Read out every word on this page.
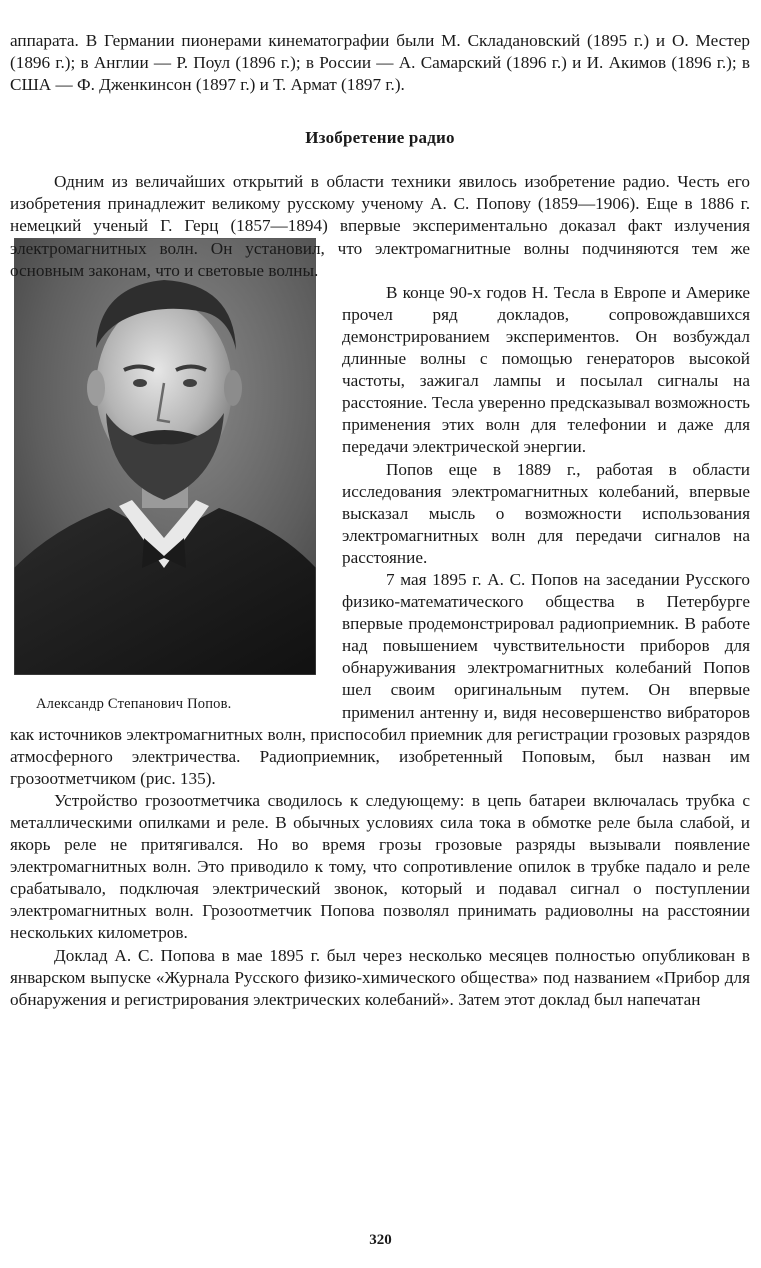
аппарата. В Германии пионерами кинематографии были М. Складановский (1895 г.) и О. Местер (1896 г.); в Англии — Р. Поул (1896 г.); в России — А. Самарский (1896 г.) и И. Акимов (1896 г.); в США — Ф. Дженкинсон (1897 г.) и Т. Армат (1897 г.).

Изобретение радио

Одним из величайших открытий в области техники явилось изобретение радио. Честь его изобретения принадлежит великому русскому ученому А. С. Попову (1859—1906). Еще в 1886 г. немецкий ученый Г. Герц (1857—1894) впервые экспериментально доказал факт излучения электромагнитных волн. Он установил, что электромагнитные волны подчиняются тем же основным законам, что и световые волны.

Александр Степанович Попов.

В конце 90-х годов Н. Тесла в Европе и Америке прочел ряд докладов, сопровождавшихся демонстрированием экспериментов. Он возбуждал длинные волны с помощью генераторов высокой частоты, зажигал лампы и посылал сигналы на расстояние. Тесла уверенно предсказывал возможность применения этих волн для телефонии и даже для передачи электрической энергии.

Попов еще в 1889 г., работая в области исследования электромагнитных колебаний, впервые высказал мысль о возможности использования электромагнитных волн для передачи сигналов на расстояние.

7 мая 1895 г. А. С. Попов на заседании Русского физико-математического общества в Петербурге впервые продемонстрировал радиоприемник. В работе над повышением чувствительности приборов для обнаруживания электромагнитных колебаний Попов шел своим оригинальным путем. Он впервые применил антенну и, видя несовершенство вибраторов как источников электромагнитных волн, приспособил приемник для регистрации грозовых разрядов атмосферного электричества. Радиоприемник, изобретенный Поповым, был назван им грозоотметчиком (рис. 135).

Устройство грозоотметчика сводилось к следующему: в цепь батареи включалась трубка с металлическими опилками и реле. В обычных условиях сила тока в обмотке реле была слабой, и якорь реле не притягивался. Но во время грозы грозовые разряды вызывали появление электромагнитных волн. Это приводило к тому, что сопротивление опилок в трубке падало и реле срабатывало, подключая электрический звонок, который и подавал сигнал о поступлении электромагнитных волн. Грозоотметчик Попова позволял принимать радиоволны на расстоянии нескольких километров.

Доклад А. С. Попова в мае 1895 г. был через несколько месяцев полностью опубликован в январском выпуске «Журнала Русского физико-химического общества» под названием «Прибор для обнаружения и регистрирования электрических колебаний». Затем этот доклад был напечатан

320
